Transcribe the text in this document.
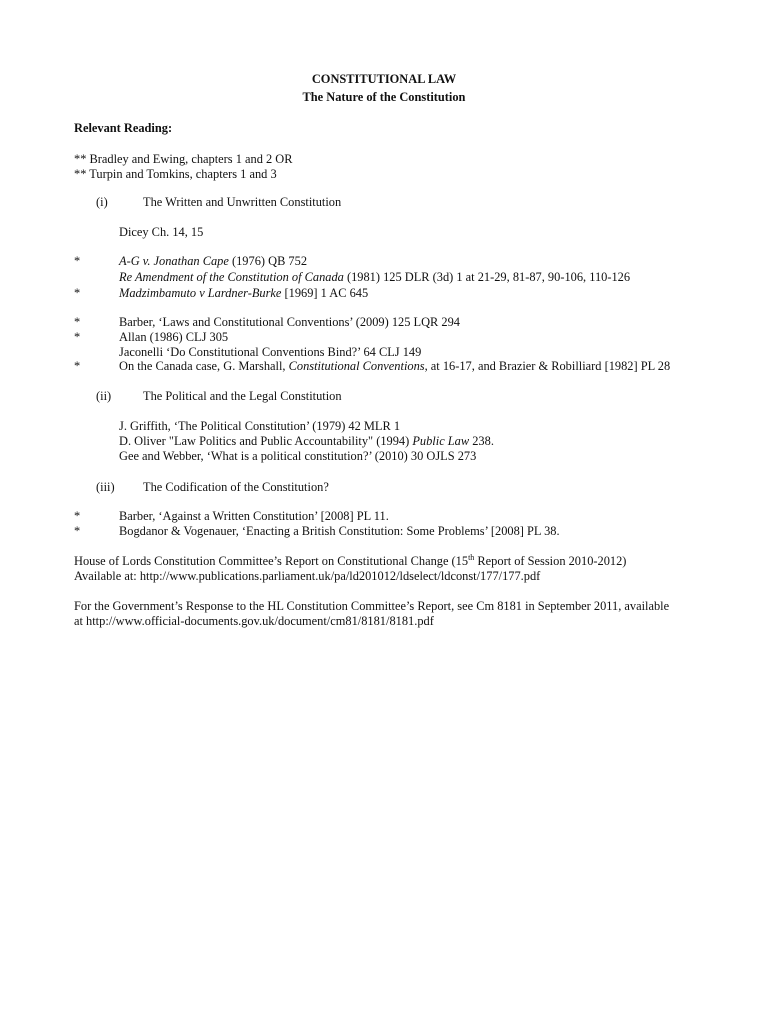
CONSTITUTIONAL LAW
The Nature of the Constitution
Relevant Reading:
** Bradley and Ewing, chapters 1 and 2 OR
** Turpin and Tomkins, chapters 1 and 3
(i)	The Written and Unwritten Constitution
Dicey Ch. 14, 15
*	A-G v. Jonathan Cape (1976) QB 752
Re Amendment of the Constitution of Canada (1981) 125 DLR (3d) 1 at 21-29, 81-87, 90-106, 110-126
*	Madzimbamuto v Lardner-Burke [1969] 1 AC 645
*	Barber, ‘Laws and Constitutional Conventions’ (2009) 125 LQR 294
*	Allan (1986) CLJ 305
Jaconelli ‘Do Constitutional Conventions Bind?’ 64 CLJ 149
*	On the Canada case, G. Marshall, Constitutional Conventions, at 16-17, and Brazier & Robilliard [1982] PL 28
(ii)	The Political and the Legal Constitution
J. Griffith, ‘The Political Constitution’ (1979) 42 MLR 1
D. Oliver "Law Politics and Public Accountability" (1994) Public Law 238.
Gee and Webber, ‘What is a political constitution?’ (2010) 30 OJLS 273
(iii) The Codification of the Constitution?
*	Barber, ‘Against a Written Constitution’ [2008] PL 11.
*	Bogdanor & Vogenauer, ‘Enacting a British Constitution: Some Problems’ [2008] PL 38.
House of Lords Constitution Committee’s Report on Constitutional Change (15th Report of Session 2010-2012)
Available at: http://www.publications.parliament.uk/pa/ld201012/ldselect/ldconst/177/177.pdf
For the Government’s Response to the HL Constitution Committee’s Report, see Cm 8181 in September 2011, available
at http://www.official-documents.gov.uk/document/cm81/8181/8181.pdf
